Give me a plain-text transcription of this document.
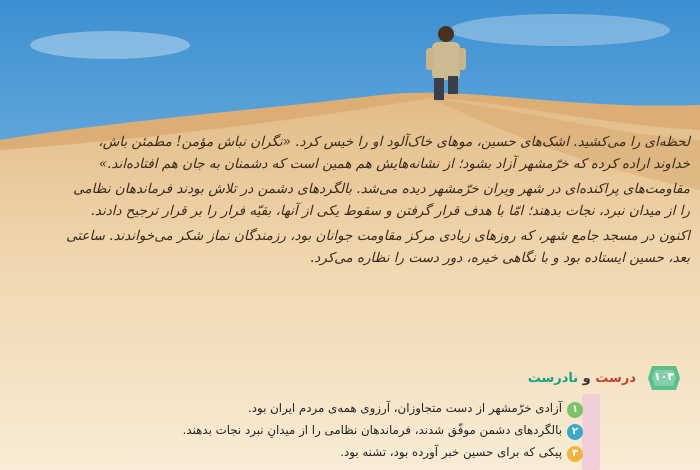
لحظه‌ای را می‌کشید. اشک‌های حسین، موهای خاک‌آلود او را خیس کرد. «نگران نباش مؤمن! مطمئن باش، خداوند اراده کرده که خرّمشهر آزاد بشود؛ از نشانه‌هایش هم همین است که دشمنان به جان هم افتاده‌اند.»

مقاومت‌های پراکنده‌ای در شهر ویران خرّمشهر دیده می‌شد. بالگردهای دشمن در تلاش بودند فرماندهان نظامی را از میدان نبرد، نجات بدهند؛ امّا با هدف قرار گرفتن و سقوط یکی از آنها، بقیّه فرار را بر قرار ترجیح دادند.

اکنون در مسجد جامع شهر، که روزهای زیادی مرکز مقاومت جوانان بود، رزمندگان نماز شکر می‌خواندند. ساعتی بعد، حسین ایستاده بود و با نگاهی خیره، دور دست را نظاره می‌کرد.

۱۰۳
درست و نادرست
۱
آزادی خرّمشهر از دست متجاوزان، آرزوی همه‌ی مردم ایران بود.
۲
بالگردهای دشمن موفّق شدند، فرماندهان نظامی را از میدانِ نبرد نجات بدهند.
۳
پیکی که برای حسین خبر آورده بود، تشنه بود.
